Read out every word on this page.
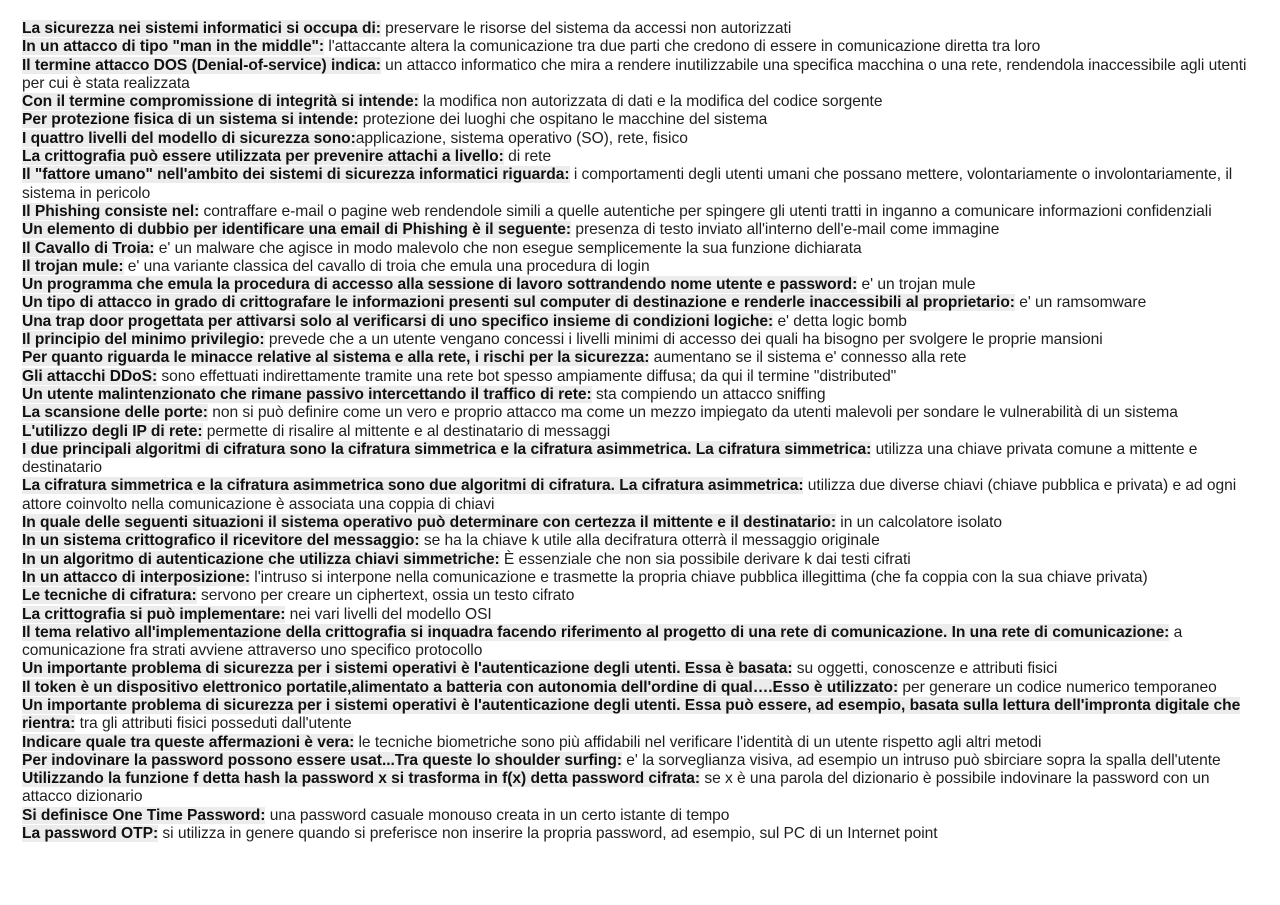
La sicurezza nei sistemi informatici si occupa di: preservare le risorse del sistema da accessi non autorizzati

In un attacco di tipo "man in the middle": l'attaccante altera la comunicazione tra due parti che credono di essere in comunicazione diretta tra loro

Il termine attacco DOS (Denial-of-service) indica: un attacco informatico che mira a rendere inutilizzabile una specifica macchina o una rete, rendendola inaccessibile agli utenti per cui è stata realizzata

Con il termine compromissione di integrità si intende: la modifica non autorizzata di dati e la modifica del codice sorgente

Per protezione fisica di un sistema si intende: protezione dei luoghi che ospitano le macchine del sistema

I quattro livelli del modello di sicurezza sono:applicazione, sistema operativo (SO), rete, fisico

La crittografia può essere utilizzata per prevenire attachi a livello: di rete

Il "fattore umano" nell'ambito dei sistemi di sicurezza informatici riguarda: i comportamenti degli utenti umani che possano mettere, volontariamente o involontariamente, il sistema in pericolo

Il Phishing consiste nel: contraffare e-mail o pagine web rendendole simili a quelle autentiche per spingere gli utenti tratti in inganno a comunicare informazioni confidenziali

Un elemento di dubbio per identificare una email di Phishing è il seguente: presenza di testo inviato all'interno dell'e-mail come immagine

Il Cavallo di Troia: e' un malware che agisce in modo malevolo che non esegue semplicemente la sua funzione dichiarata

Il trojan mule: e' una variante classica del cavallo di troia che emula una procedura di login

Un programma che emula la procedura di accesso alla sessione di lavoro sottrandendo nome utente e password: e' un trojan mule

Un tipo di attacco in grado di crittografare le informazioni presenti sul computer di destinazione e renderle inaccessibili al proprietario: e' un ramsomware

Una trap door progettata per attivarsi solo al verificarsi di uno specifico insieme di condizioni logiche: e' detta logic bomb

Il principio del minimo privilegio: prevede che a un utente vengano concessi i livelli minimi di accesso dei quali ha bisogno per svolgere le proprie mansioni

Per quanto riguarda le minacce relative al sistema e alla rete, i rischi per la sicurezza: aumentano se il sistema e' connesso alla rete

Gli attacchi DDoS: sono effettuati indirettamente tramite una rete bot spesso ampiamente diffusa; da qui il termine "distributed"

Un utente malintenzionato che rimane passivo intercettando il traffico di rete: sta compiendo un attacco sniffing

La scansione delle porte: non si può definire come un vero e proprio attacco ma come un mezzo impiegato da utenti malevoli per sondare le vulnerabilità di un sistema

L'utilizzo degli IP di rete: permette di risalire al mittente e al destinatario di messaggi

I due principali algoritmi di cifratura sono la cifratura simmetrica e la cifratura asimmetrica. La cifratura simmetrica: utilizza una chiave privata comune a mittente e destinatario

La cifratura simmetrica e la cifratura asimmetrica sono due algoritmi di cifratura. La cifratura asimmetrica: utilizza due diverse chiavi (chiave pubblica e privata) e ad ogni attore coinvolto nella comunicazione è associata una coppia di chiavi

In quale delle seguenti situazioni il sistema operativo può determinare con certezza il mittente e il destinatario: in un calcolatore isolato

In un sistema crittografico il ricevitore del messaggio: se ha la chiave k utile alla decifratura otterrà il messaggio originale

In un algoritmo di autenticazione che utilizza chiavi simmetriche: È essenziale che non sia possibile derivare k dai testi cifrati

In un attacco di interposizione: l'intruso si interpone nella comunicazione e trasmette la propria chiave pubblica illegittima (che fa coppia con la sua chiave privata)

Le tecniche di cifratura: servono per creare un ciphertext, ossia un testo cifrato

La crittografia si può implementare: nei vari livelli del modello OSI

Il tema relativo all'implementazione della crittografia si inquadra facendo riferimento al progetto di una rete di comunicazione. In una rete di comunicazione: a comunicazione fra strati avviene attraverso uno specifico protocollo

Un importante problema di sicurezza per i sistemi operativi è l'autenticazione degli utenti. Essa è basata: su oggetti, conoscenze e attributi fisici

Il token è un dispositivo elettronico portatile,alimentato a batteria con autonomia dell'ordine di qual….Esso è utilizzato: per generare un codice numerico temporaneo

Un importante problema di sicurezza per i sistemi operativi è l'autenticazione degli utenti. Essa può essere, ad esempio, basata sulla lettura dell'impronta digitale che rientra: tra gli attributi fisici posseduti dall'utente

Indicare quale tra queste affermazioni è vera: le tecniche biometriche sono più affidabili nel verificare l'identità di un utente rispetto agli altri metodi

Per indovinare la password possono essere usat...Tra queste lo shoulder surfing: e' la sorveglianza visiva, ad esempio un intruso può sbirciare sopra la spalla dell'utente

Utilizzando la funzione f detta hash la password x si trasforma in f(x) detta password cifrata: se x è una parola del dizionario è possibile indovinare la password con un attacco dizionario

Si definisce One Time Password: una password casuale monouso creata in un certo istante di tempo

La password OTP: si utilizza in genere quando si preferisce non inserire la propria password, ad esempio, sul PC di un Internet point
